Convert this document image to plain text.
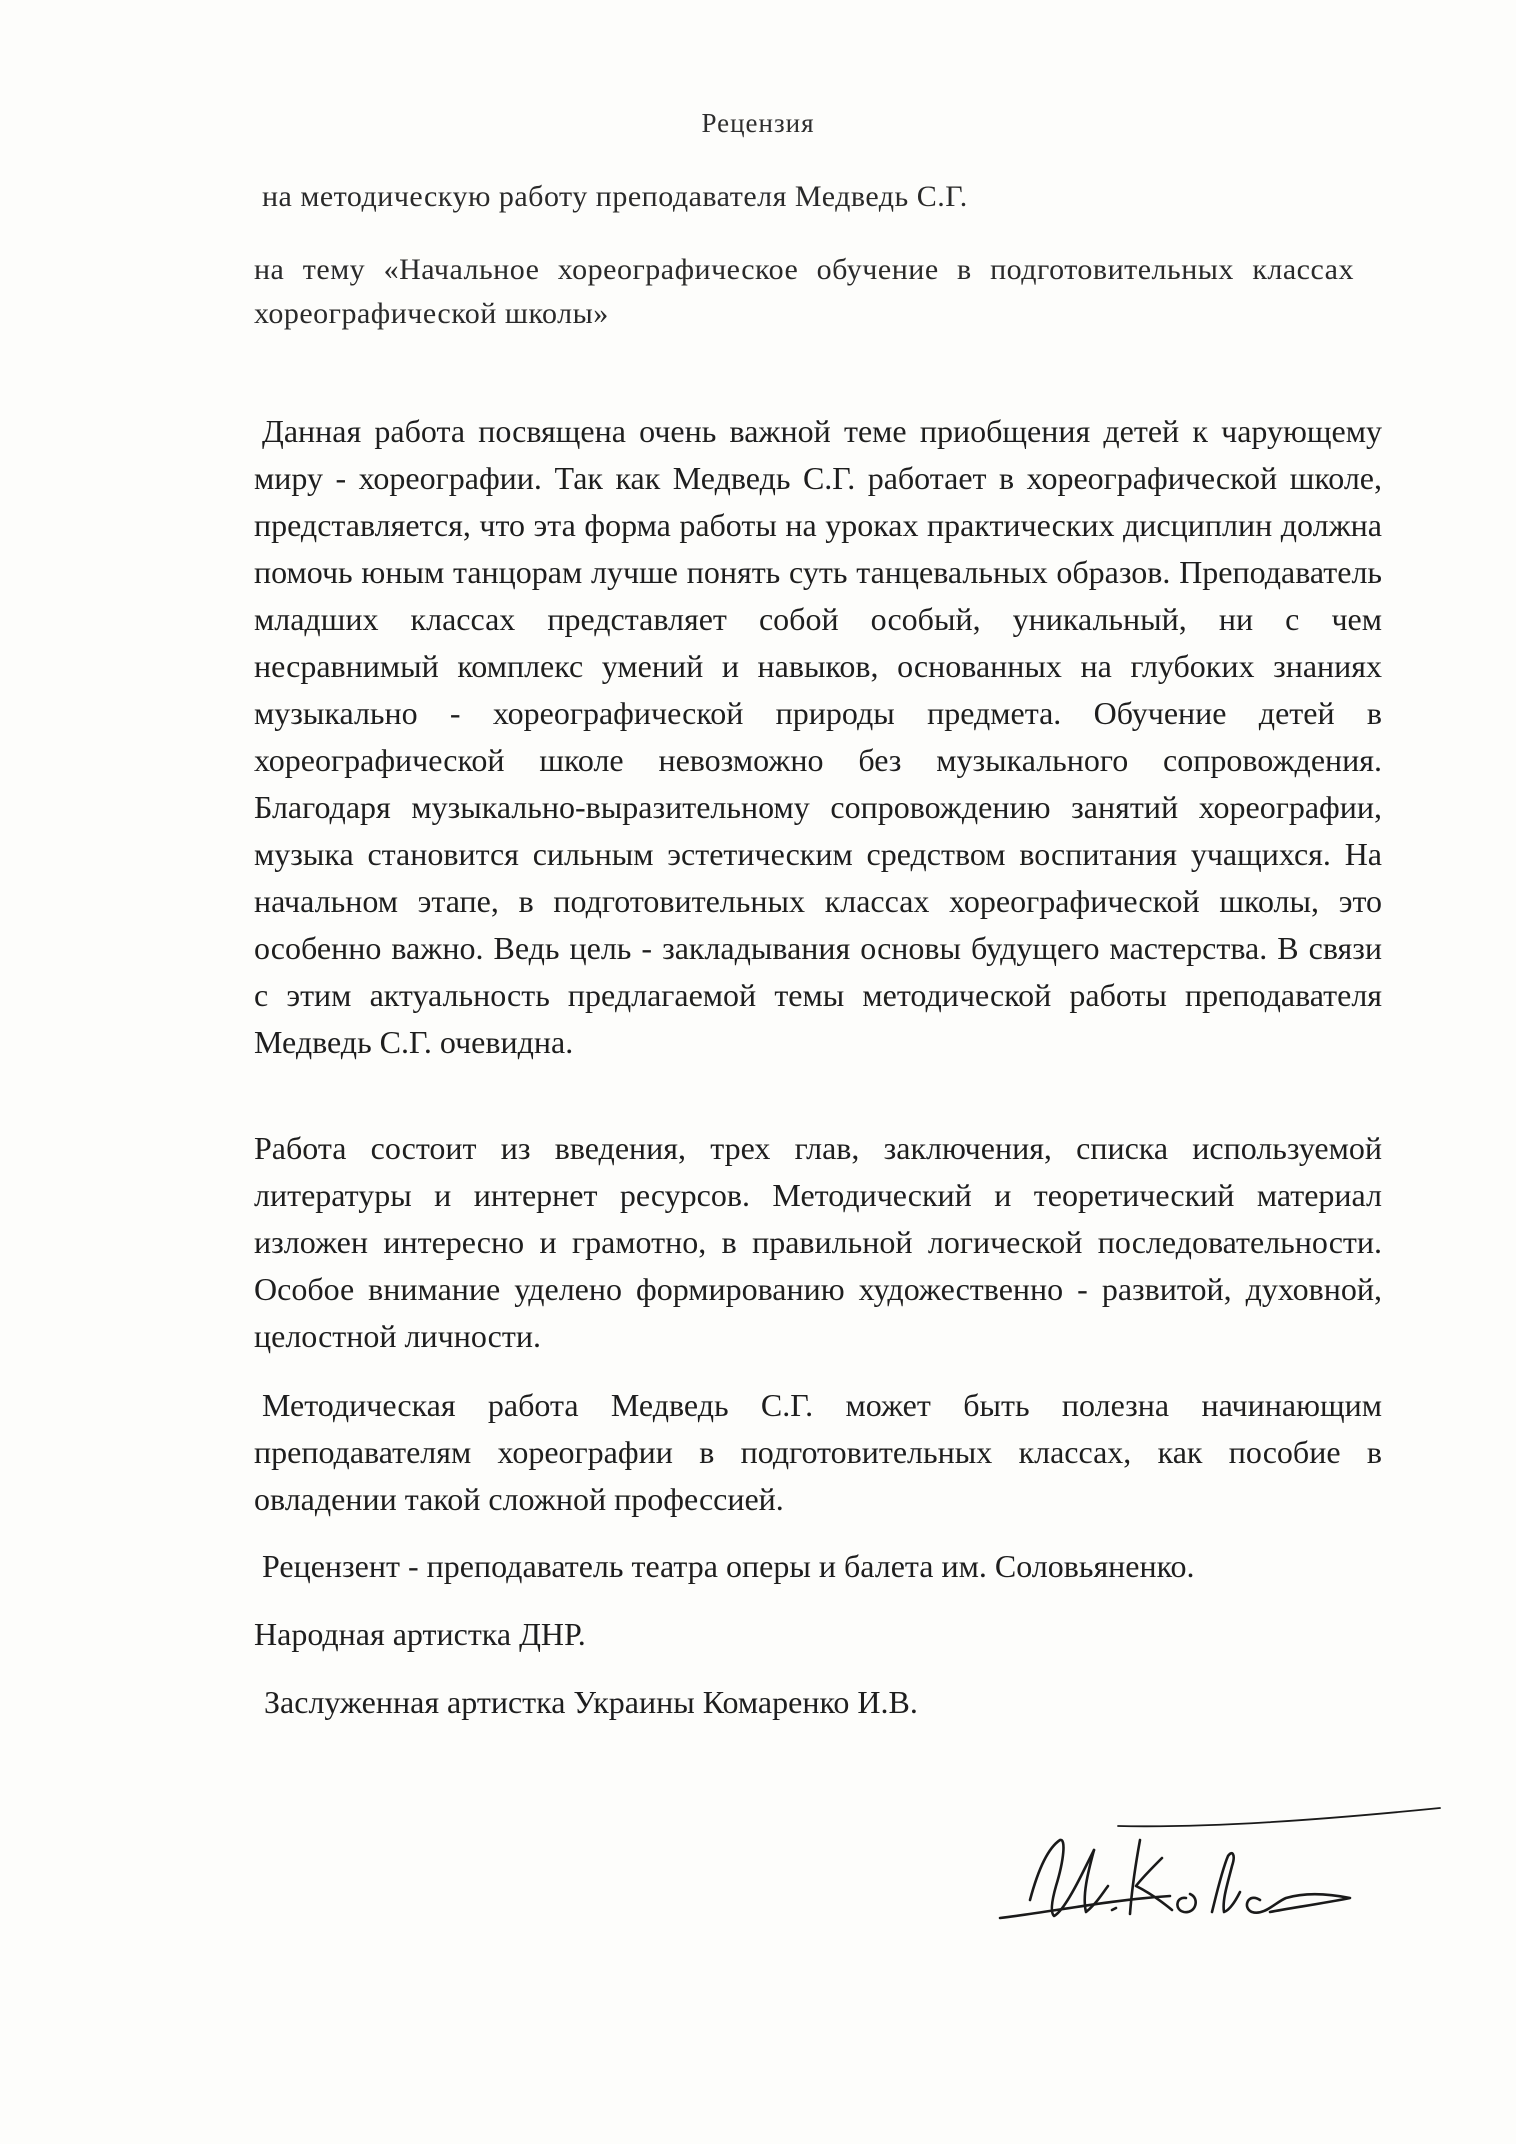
Рецензия
на методическую работу преподавателя Медведь С.Г.
на тему «Начальное хореографическое обучение в подготовительных классах хореографической школы»
Данная работа посвящена очень важной теме приобщения детей к чарующему миру - хореографии. Так как Медведь С.Г. работает в хореографической школе, представляется, что эта форма работы на уроках практических дисциплин должна помочь юным танцорам лучше понять суть танцевальных образов. Преподаватель младших классах представляет собой особый, уникальный, ни с чем несравнимый комплекс умений и навыков, основанных на глубоких знаниях музыкально - хореографической природы предмета. Обучение детей в хореографической школе невозможно без музыкального сопровождения. Благодаря музыкально-выразительному сопровождению занятий хореографии, музыка становится сильным эстетическим средством воспитания учащихся. На начальном этапе, в подготовительных классах хореографической школы, это особенно важно. Ведь цель - закладывания основы будущего мастерства. В связи с этим актуальность предлагаемой темы методической работы преподавателя Медведь С.Г. очевидна.
Работа состоит из введения, трех глав, заключения, списка используемой литературы и интернет ресурсов. Методический и теоретический материал изложен интересно и грамотно, в правильной логической последовательности. Особое внимание уделено формированию художественно - развитой, духовной, целостной личности.
Методическая работа Медведь С.Г. может быть полезна начинающим преподавателям хореографии в подготовительных классах, как пособие в овладении такой сложной профессией.
Рецензент - преподаватель театра оперы и балета им. Соловьяненко.
Народная артистка ДНР.
Заслуженная артистка Украины Комаренко И.В.
